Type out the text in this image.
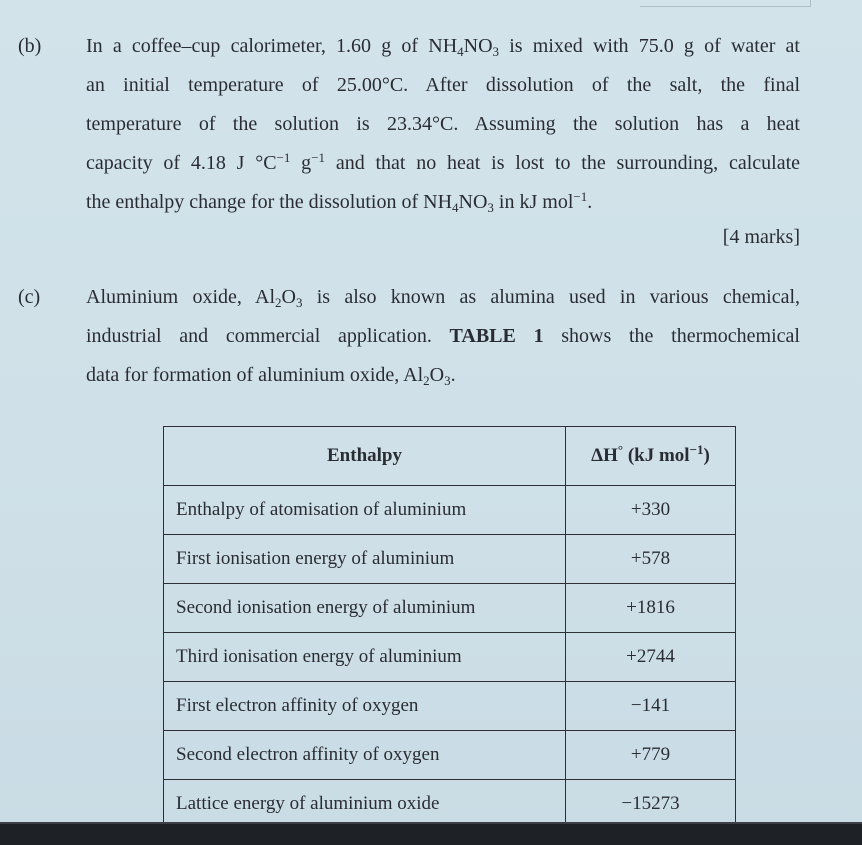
(b) In a coffee–cup calorimeter, 1.60 g of $NH_4NO_3$ is mixed with 75.0 g of water at
an initial temperature of 25.00°C. After dissolution of the salt, the final
temperature of the solution is 23.34°C. Assuming the solution has a heat
capacity of 4.18 J $^\circ C^{-1}$ $g^{-1}$ and that no heat is lost to the surrounding, calculate
the enthalpy change for the dissolution of $NH_4NO_3$ in kJ mol$^{-1}$.
[4 marks]
(c) Aluminium oxide, $Al_2O_3$ is also known as alumina used in various chemical,
industrial and commercial application. TABLE 1 shows the thermochemical
data for formation of aluminium oxide, $Al_2O_3$.
Enthalpy	ΔH° (kJ mol$^{-1}$)
Enthalpy of atomisation of aluminium	+330
First ionisation energy of aluminium	+578
Second ionisation energy of aluminium	+1816
Third ionisation energy of aluminium	+2744
First electron affinity of oxygen	−141
Second electron affinity of oxygen	+779
Lattice energy of aluminium oxide	−15273
